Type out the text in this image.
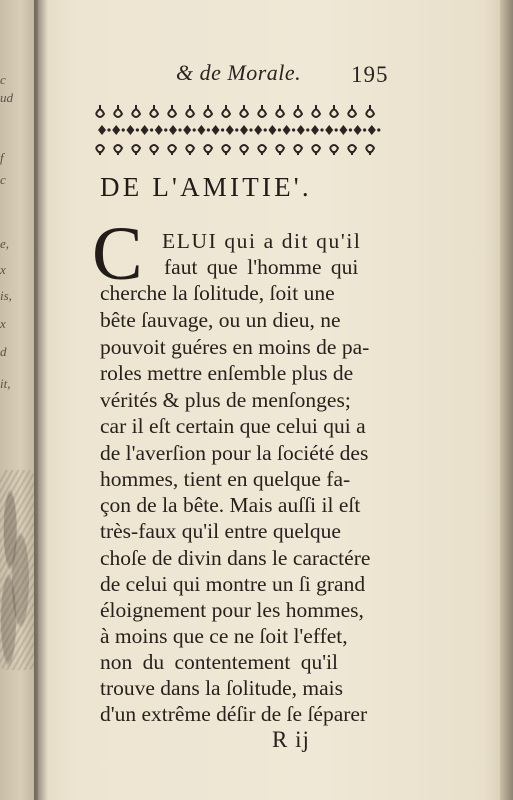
c
ud
f
c
e,
x
is,
x
d
it,
& de Morale. 195
DE L'AMITIE'.
C ELUI qui a dit qu'il
faut que l'homme qui
cherche la ſolitude, ſoit une
bête ſauvage, ou un dieu, ne
pouvoit guéres en moins de pa-
roles mettre enſemble plus de
vérités & plus de menſonges;
car il eſt certain que celui qui a
de l'averſion pour la ſociété des
hommes, tient en quelque fa-
çon de la bête. Mais auſſi il eſt
très-faux qu'il entre quelque
choſe de divin dans le caractére
de celui qui montre un ſi grand
éloignement pour les hommes,
à moins que ce ne ſoit l'effet,
non du contentement qu'il
trouve dans la ſolitude, mais
d'un extrême déſir de ſe ſéparer
R ij
